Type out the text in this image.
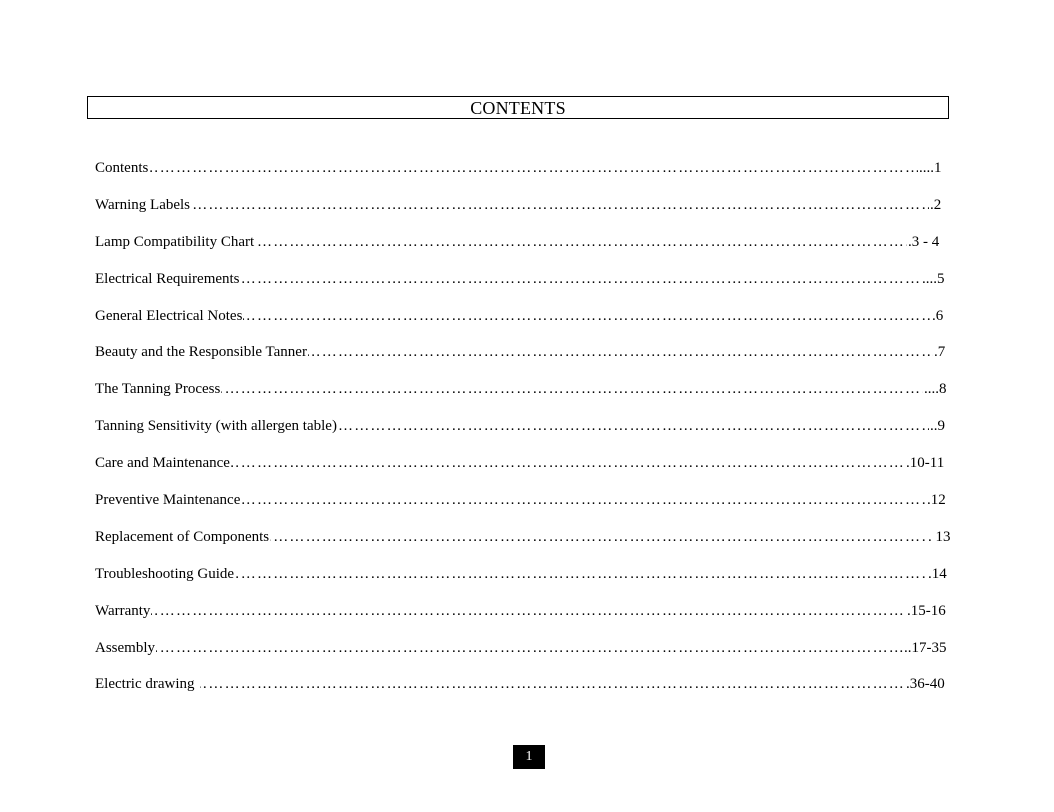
CONTENTS
…………………………………………………………………………………………………………………………………………………………………………………………………………
Contents	....1
…………………………………………………………………………………………………………………………………………………………………………………………………………
Warning Labels	.2
…………………………………………………………………………………………………………………………………………………………………………………………………………
Lamp Compatibility Chart	.3 - 4
…………………………………………………………………………………………………………………………………………………………………………………………………………
Electrical Requirements	....5
…………………………………………………………………………………………………………………………………………………………………………………………………………
General Electrical Notes	.6
…………………………………………………………………………………………………………………………………………………………………………………………………………
Beauty and the Responsible Tanner	.7
…………………………………………………………………………………………………………………………………………………………………………………………………………
The Tanning Process	....8
…………………………………………………………………………………………………………………………………………………………………………………………………………
Tanning Sensitivity (with allergen table)	..9
…………………………………………………………………………………………………………………………………………………………………………………………………………
Care and Maintenance	.10-11
…………………………………………………………………………………………………………………………………………………………………………………………………………
Preventive Maintenance	.12
…………………………………………………………………………………………………………………………………………………………………………………………………………
Replacement of Components	. 13
…………………………………………………………………………………………………………………………………………………………………………………………………………
Troubleshooting Guide	.14
…………………………………………………………………………………………………………………………………………………………………………………………………………
Warranty	.15-16
…………………………………………………………………………………………………………………………………………………………………………………………………………
Assembly	..17-35
…………………………………………………………………………………………………………………………………………………………………………………………………………
Electric drawing	.36-40
1
